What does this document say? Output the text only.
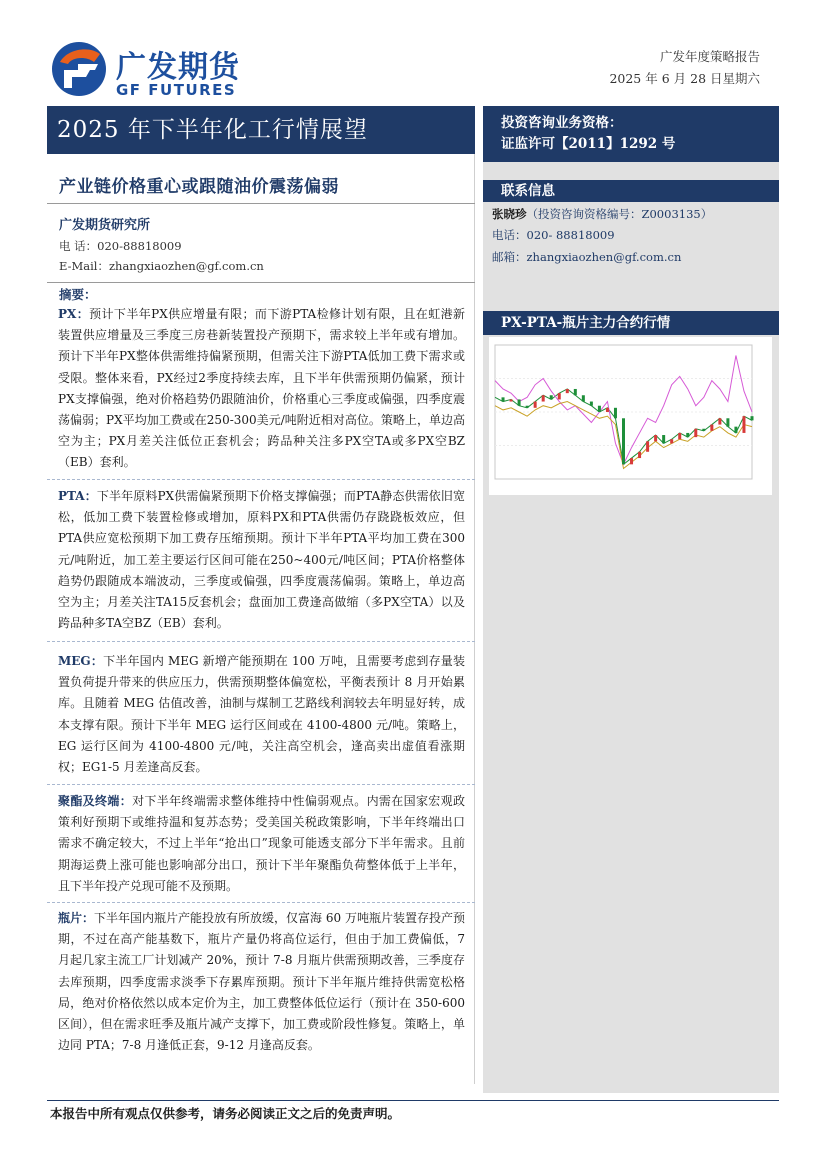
广发期货
GF FUTURES
广发年度策略报告
2025 年 6 月 28 日星期六
2025 年下半年化工行情展望
产业链价格重心或跟随油价震荡偏弱
广发期货研究所
电 话：020-88818009
E-Mail：zhangxiaozhen@gf.com.cn
摘要：
PX：预计下半年PX供应增量有限；而下游PTA检修计划有限，且在虹港新装置供应增量及三季度三房巷新装置投产预期下，需求较上半年或有增加。预计下半年PX整体供需维持偏紧预期，但需关注下游PTA低加工费下需求或受限。整体来看，PX经过2季度持续去库，且下半年供需预期仍偏紧，预计PX支撑偏强，绝对价格趋势仍跟随油价，价格重心三季度或偏强，四季度震荡偏弱；PX平均加工费或在250-300美元/吨附近相对高位。策略上，单边高空为主；PX月差关注低位正套机会；跨品种关注多PX空TA或多PX空BZ（EB）套利。
PTA：下半年原料PX供需偏紧预期下价格支撑偏强；而PTA静态供需依旧宽松，低加工费下装置检修或增加，原料PX和PTA供需仍存跷跷板效应，但PTA供应宽松预期下加工费存压缩预期。预计下半年PTA平均加工费在300元/吨附近，加工差主要运行区间可能在250~400元/吨区间；PTA价格整体趋势仍跟随成本端波动，三季度或偏强，四季度震荡偏弱。策略上，单边高空为主；月差关注TA15反套机会；盘面加工费逢高做缩（多PX空TA）以及跨品种多TA空BZ（EB）套利。
MEG：下半年国内 MEG 新增产能预期在 100 万吨，且需要考虑到存量装置负荷提升带来的供应压力，供需预期整体偏宽松，平衡表预计 8 月开始累库。且随着 MEG 估值改善，油制与煤制工艺路线利润较去年明显好转，成本支撑有限。预计下半年 MEG 运行区间或在 4100-4800 元/吨。策略上，EG 运行区间为 4100-4800 元/吨，关注高空机会，逢高卖出虚值看涨期权；EG1-5 月差逢高反套。
聚酯及终端：对下半年终端需求整体维持中性偏弱观点。内需在国家宏观政策利好预期下或维持温和复苏态势；受美国关税政策影响，下半年终端出口需求不确定较大，不过上半年“抢出口”现象可能透支部分下半年需求。且前期海运费上涨可能也影响部分出口，预计下半年聚酯负荷整体低于上半年，且下半年投产兑现可能不及预期。
瓶片：下半年国内瓶片产能投放有所放缓，仅富海 60 万吨瓶片装置存投产预期，不过在高产能基数下，瓶片产量仍将高位运行，但由于加工费偏低，7 月起几家主流工厂计划减产 20%，预计 7-8 月瓶片供需预期改善，三季度存去库预期，四季度需求淡季下存累库预期。预计下半年瓶片维持供需宽松格局，绝对价格依然以成本定价为主，加工费整体低位运行（预计在 350-600 区间），但在需求旺季及瓶片减产支撑下，加工费或阶段性修复。策略上，单边同 PTA；7-8 月逢低正套，9-12 月逢高反套。
投资咨询业务资格：
证监许可【2011】1292 号
联系信息
张晓珍（投资咨询资格编号：Z0003135）
电话：020- 88818009
邮箱：zhangxiaozhen@gf.com.cn
PX-PTA-瓶片主力合约行情
本报告中所有观点仅供参考，请务必阅读正文之后的免责声明。
